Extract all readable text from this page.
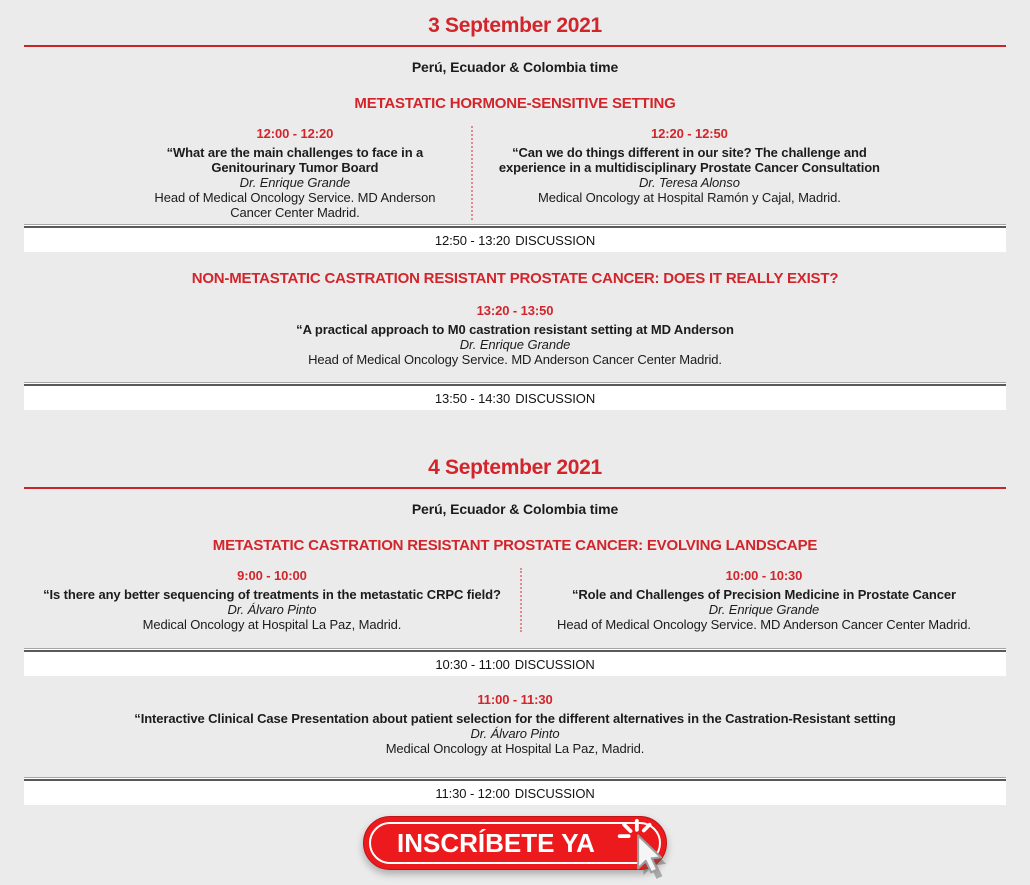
3 September 2021

Perú, Ecuador & Colombia time

METASTATIC HORMONE-SENSITIVE SETTING
12:00 - 12:20
“What are the main challenges to face in a Genitourinary Tumor Board
Dr. Enrique Grande
Head of Medical Oncology Service. MD Anderson Cancer Center Madrid.
12:20 - 12:50
“Can we do things different in our site? The challenge and experience in a multidisciplinary Prostate Cancer Consultation
Dr. Teresa Alonso
Medical Oncology at Hospital Ramón y Cajal, Madrid.
12:50 - 13:20 DISCUSSION
NON-METASTATIC CASTRATION RESISTANT PROSTATE CANCER: DOES IT REALLY EXIST?
13:20 - 13:50
“A practical approach to M0 castration resistant setting at MD Anderson
Dr. Enrique Grande
Head of Medical Oncology Service. MD Anderson Cancer Center Madrid.
13:50 - 14:30 DISCUSSION
4 September 2021

Perú, Ecuador & Colombia time

METASTATIC CASTRATION RESISTANT PROSTATE CANCER: EVOLVING LANDSCAPE
9:00 - 10:00
“Is there any better sequencing of treatments in the metastatic CRPC field?
Dr. Álvaro Pinto
Medical Oncology at Hospital La Paz, Madrid.
10:00 - 10:30
“Role and Challenges of Precision Medicine in Prostate Cancer
Dr. Enrique Grande
Head of Medical Oncology Service. MD Anderson Cancer Center Madrid.
10:30 - 11:00 DISCUSSION
11:00 - 11:30
“Interactive Clinical Case Presentation about patient selection for the different alternatives in the Castration-Resistant setting
Dr. Álvaro Pinto
Medical Oncology at Hospital La Paz, Madrid.
11:30 - 12:00 DISCUSSION
INSCRÍBETE YA
